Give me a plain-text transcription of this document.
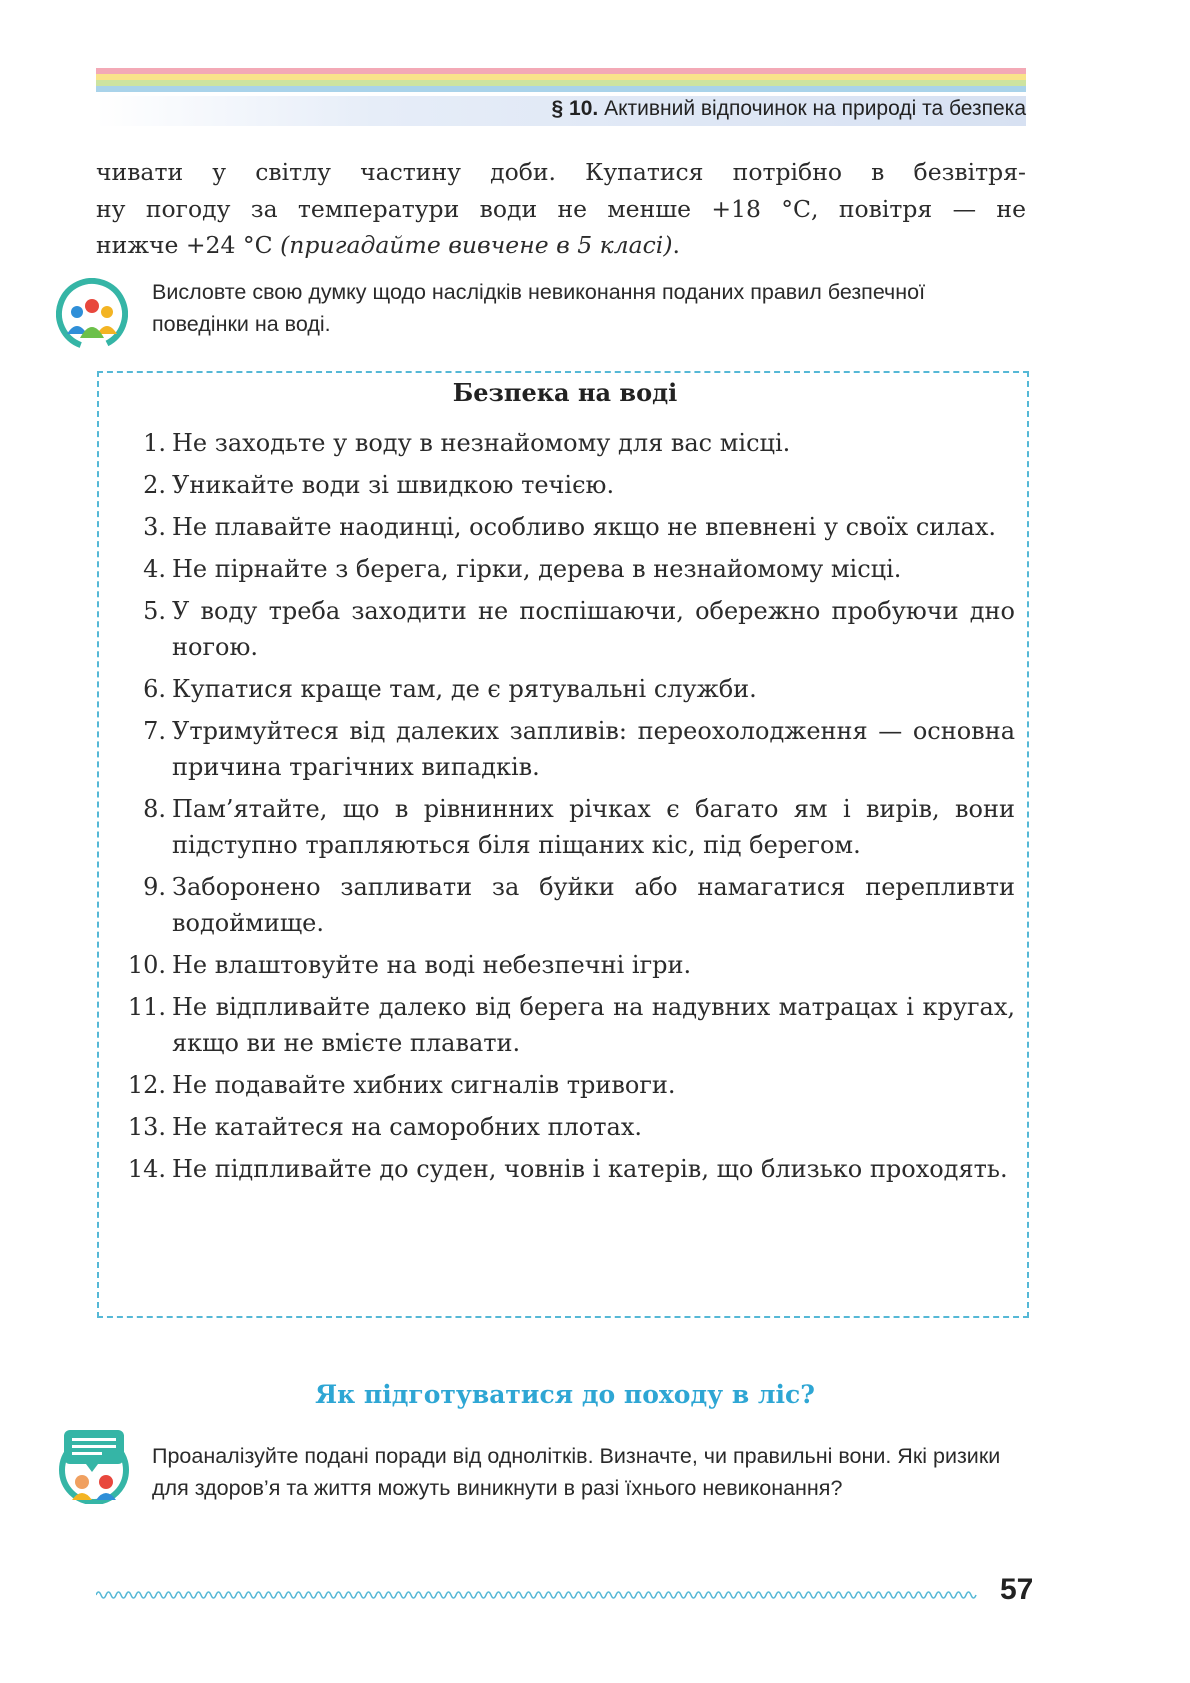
§ 10. Активний відпочинок на природі та безпека
чивати у світлу частину доби. Купатися потрібно в безвітря-
ну погоду за температури води не менше +18 °С, повітря — не
нижче +24 °С (пригадайте вивчене в 5 класі).
Висловте свою думку щодо наслідків невиконання поданих правил безпечної поведінки на воді.
Безпека на воді
1. Не заходьте у воду в незнайомому для вас місці.
2. Уникайте води зі швидкою течією.
3. Не плавайте наодинці, особливо якщо не впевнені у своїх силах.
4. Не пірнайте з берега, гірки, дерева в незнайомому місці.
5. У воду треба заходити не поспішаючи, обережно пробуючи дно ногою.
6. Купатися краще там, де є рятувальні служби.
7. Утримуйтеся від далеких запливів: переохолодження — основна причина трагічних випадків.
8. Пам’ятайте, що в рівнинних річках є багато ям і вирів, вони підступно трапляються біля піщаних кіс, під берегом.
9. Заборонено запливати за буйки або намагатися перепливти водоймище.
10. Не влаштовуйте на воді небезпечні ігри.
11. Не відпливайте далеко від берега на надувних матрацах і кругах, якщо ви не вмієте плавати.
12. Не подавайте хибних сигналів тривоги.
13. Не катайтеся на саморобних плотах.
14. Не підпливайте до суден, човнів і катерів, що близько проходять.
Як підготуватися до походу в ліс?
Проаналізуйте подані поради від однолітків. Визначте, чи правильні вони. Які ризики для здоров’я та життя можуть виникнути в разі їхнього невиконання?
57
